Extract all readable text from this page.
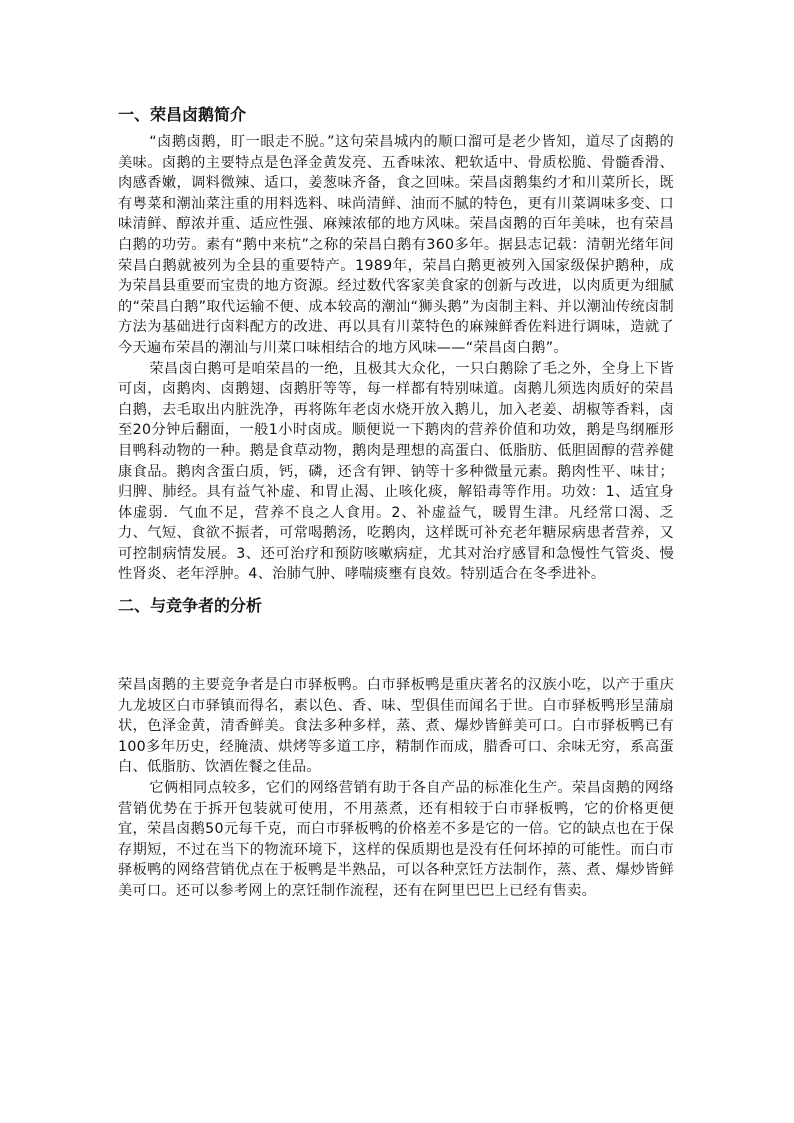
一、荣昌卤鹅简介

“卤鹅卤鹅，盯一眼走不脱。”这句荣昌城内的顺口溜可是老少皆知，道尽了卤鹅的美味。卤鹅的主要特点是色泽金黄发亮、五香味浓、粑软适中、骨质松脆、骨髓香滑、肉感香嫩，调料微辣、适口，姜葱味齐备，食之回味。荣昌卤鹅集约才和川菜所长，既有粤菜和潮汕菜注重的用料选料、味尚清鲜、油而不腻的特色，更有川菜调味多变、口味清鲜、醇浓并重、适应性强、麻辣浓郁的地方风味。荣昌卤鹅的百年美味，也有荣昌白鹅的功劳。素有“鹅中来杭”之称的荣昌白鹅有360多年。据县志记载：清朝光绪年间荣昌白鹅就被列为全县的重要特产。1989年，荣昌白鹅更被列入国家级保护鹅种，成为荣昌县重要而宝贵的地方资源。经过数代客家美食家的创新与改进，以肉质更为细腻的“荣昌白鹅”取代运输不便、成本较高的潮汕“狮头鹅”为卤制主料、并以潮汕传统卤制方法为基础进行卤料配方的改进、再以具有川菜特色的麻辣鲜香佐料进行调味，造就了今天遍布荣昌的潮汕与川菜口味相结合的地方风味——“荣昌卤白鹅”。

荣昌卤白鹅可是咱荣昌的一绝，且极其大众化，一只白鹅除了毛之外，全身上下皆可卤，卤鹅肉、卤鹅翅、卤鹅肝等等，每一样都有特别味道。卤鹅儿须选肉质好的荣昌白鹅，去毛取出内脏洗净，再将陈年老卤水烧开放入鹅儿，加入老姜、胡椒等香料，卤至20分钟后翻面，一般1小时卤成。顺便说一下鹅肉的营养价值和功效，鹅是鸟纲雁形目鸭科动物的一种。鹅是食草动物，鹅肉是理想的高蛋白、低脂肪、低胆固醇的营养健康食品。鹅肉含蛋白质，钙，磷，还含有钾、钠等十多种微量元素。鹅肉性平、味甘；归脾、肺经。具有益气补虚、和胃止渴、止咳化痰，解铅毒等作用。功效：1、适宜身体虚弱．气血不足，营养不良之人食用。2、补虚益气，暖胃生津。凡经常口渴、乏力、气短、食欲不振者，可常喝鹅汤，吃鹅肉，这样既可补充老年糖尿病患者营养，又可控制病情发展。3、还可治疗和预防咳嗽病症，尤其对治疗感冒和急慢性气管炎、慢性肾炎、老年浮肿。4、治肺气肿、哮喘痰壅有良效。特别适合在冬季进补。

二、与竞争者的分析

荣昌卤鹅的主要竞争者是白市驿板鸭。白市驿板鸭是重庆著名的汉族小吃，以产于重庆九龙坡区白市驿镇而得名，素以色、香、味、型俱佳而闻名于世。白市驿板鸭形呈蒲扇状，色泽金黄，清香鲜美。食法多种多样，蒸、煮、爆炒皆鲜美可口。白市驿板鸭已有100多年历史，经腌渍、烘烤等多道工序，精制作而成，腊香可口、余味无穷，系高蛋白、低脂肪、饮酒佐餐之佳品。

它俩相同点较多，它们的网络营销有助于各自产品的标准化生产。荣昌卤鹅的网络营销优势在于拆开包装就可使用，不用蒸煮，还有相较于白市驿板鸭，它的价格更便宜，荣昌卤鹅50元每千克，而白市驿板鸭的价格差不多是它的一倍。它的缺点也在于保存期短，不过在当下的物流环境下，这样的保质期也是没有任何坏掉的可能性。而白市驿板鸭的网络营销优点在于板鸭是半熟品，可以各种烹饪方法制作，蒸、煮、爆炒皆鲜美可口。还可以参考网上的烹饪制作流程，还有在阿里巴巴上已经有售卖。
